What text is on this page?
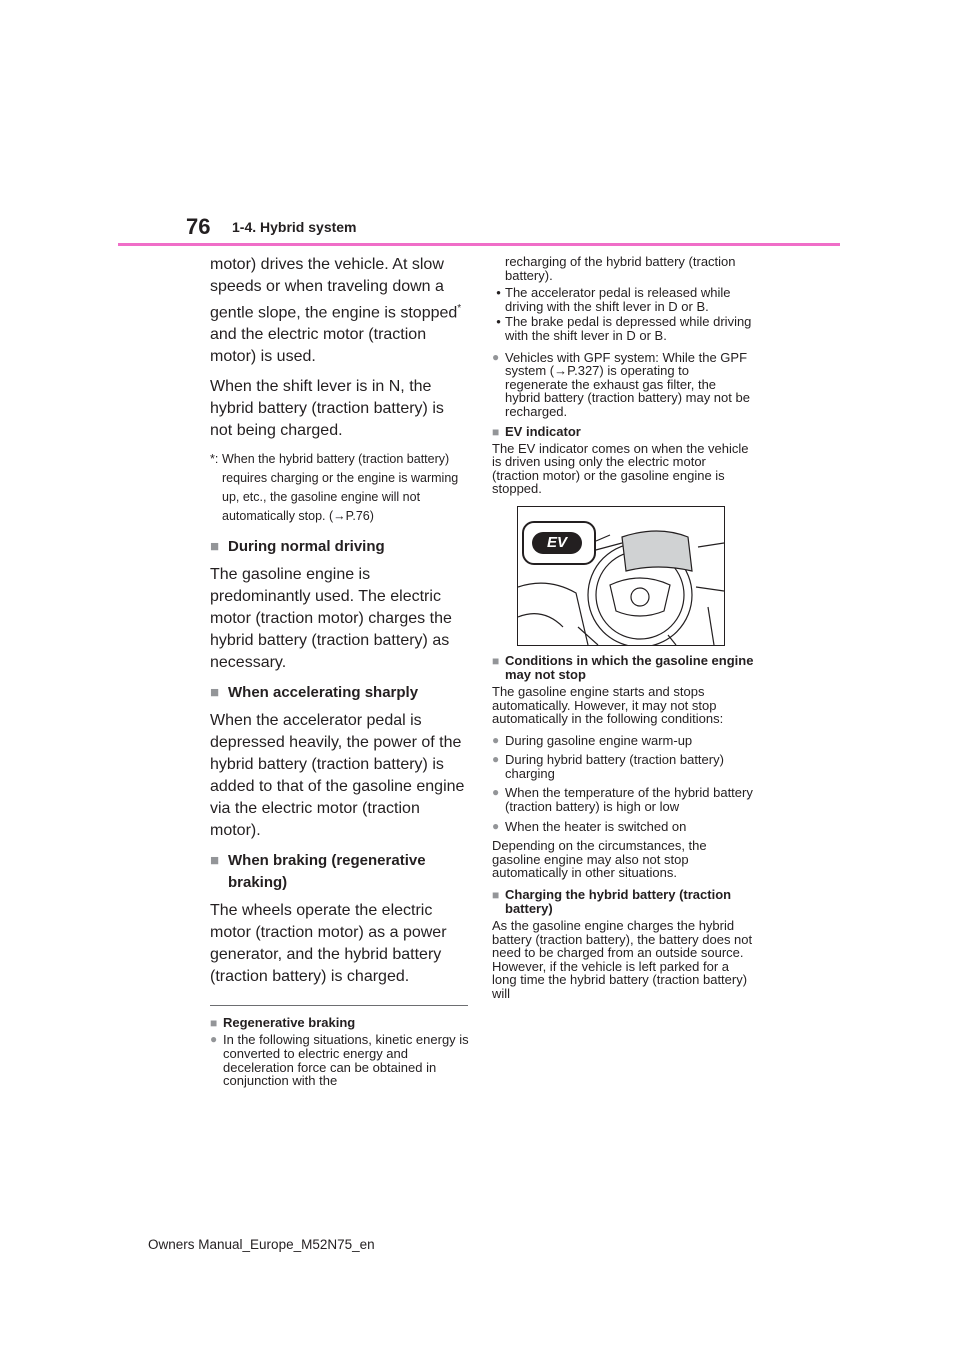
76 1-4. Hybrid system

motor) drives the vehicle. At slow speeds or when traveling down a gentle slope, the engine is stopped* and the electric motor (traction motor) is used.

When the shift lever is in N, the hybrid battery (traction battery) is not being charged.

*: When the hybrid battery (traction battery) requires charging or the engine is warming up, etc., the gasoline engine will not automatically stop. (→P.76)
■
During normal driving

The gasoline engine is predominantly used. The electric motor (traction motor) charges the hybrid battery (traction battery) as necessary.

■
When accelerating sharply

When the accelerator pedal is depressed heavily, the power of the hybrid battery (traction battery) is added to that of the gasoline engine via the electric motor (traction motor).

■
When braking (regenerative braking)

The wheels operate the electric motor (traction motor) as a power generator, and the hybrid battery (traction battery) is charged.

■
Regenerative braking
●
In the following situations, kinetic energy is converted to electric energy and deceleration force can be obtained in conjunction with the

recharging of the hybrid battery (traction battery).

•
The accelerator pedal is released while driving with the shift lever in D or B.
•
The brake pedal is depressed while driving with the shift lever in D or B.
●
Vehicles with GPF system: While the GPF system (→P.327) is operating to regenerate the exhaust gas filter, the hybrid battery (traction battery) may not be recharged.
■
EV indicator

The EV indicator comes on when the vehicle is driven using only the electric motor (traction motor) or the gasoline engine is stopped.

EV
■
Conditions in which the gasoline engine may not stop

The gasoline engine starts and stops automatically. However, it may not stop automatically in the following conditions:

●
During gasoline engine warm-up
●
During hybrid battery (traction battery) charging
●
When the temperature of the hybrid battery (traction battery) is high or low
●
When the heater is switched on

Depending on the circumstances, the gasoline engine may also not stop automatically in other situations.

■
Charging the hybrid battery (traction battery)

As the gasoline engine charges the hybrid battery (traction battery), the battery does not need to be charged from an outside source. However, if the vehicle is left parked for a long time the hybrid battery (traction battery) will

Owners Manual_Europe_M52N75_en
